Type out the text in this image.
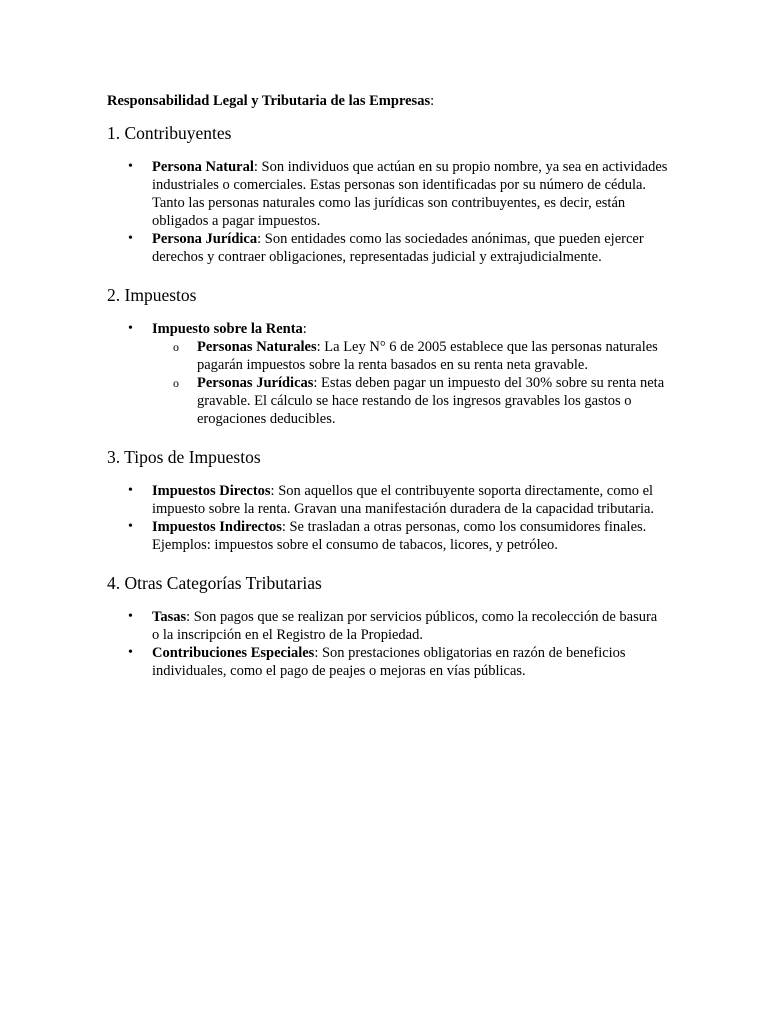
Responsabilidad Legal y Tributaria de las Empresas:

1. Contribuyentes
• Persona Natural: Son individuos que actúan en su propio nombre, ya sea en actividades industriales o comerciales. Estas personas son identificadas por su número de cédula. Tanto las personas naturales como las jurídicas son contribuyentes, es decir, están obligados a pagar impuestos.
• Persona Jurídica: Son entidades como las sociedades anónimas, que pueden ejercer derechos y contraer obligaciones, representadas judicial y extrajudicialmente.
2. Impuestos
• Impuesto sobre la Renta:
o Personas Naturales: La Ley N° 6 de 2005 establece que las personas naturales pagarán impuestos sobre la renta basados en su renta neta gravable.
o Personas Jurídicas: Estas deben pagar un impuesto del 30% sobre su renta neta gravable. El cálculo se hace restando de los ingresos gravables los gastos o erogaciones deducibles.
3. Tipos de Impuestos
• Impuestos Directos: Son aquellos que el contribuyente soporta directamente, como el impuesto sobre la renta. Gravan una manifestación duradera de la capacidad tributaria.
• Impuestos Indirectos: Se trasladan a otras personas, como los consumidores finales. Ejemplos: impuestos sobre el consumo de tabacos, licores, y petróleo.
4. Otras Categorías Tributarias
• Tasas: Son pagos que se realizan por servicios públicos, como la recolección de basura o la inscripción en el Registro de la Propiedad.
• Contribuciones Especiales: Son prestaciones obligatorias en razón de beneficios individuales, como el pago de peajes o mejoras en vías públicas.
